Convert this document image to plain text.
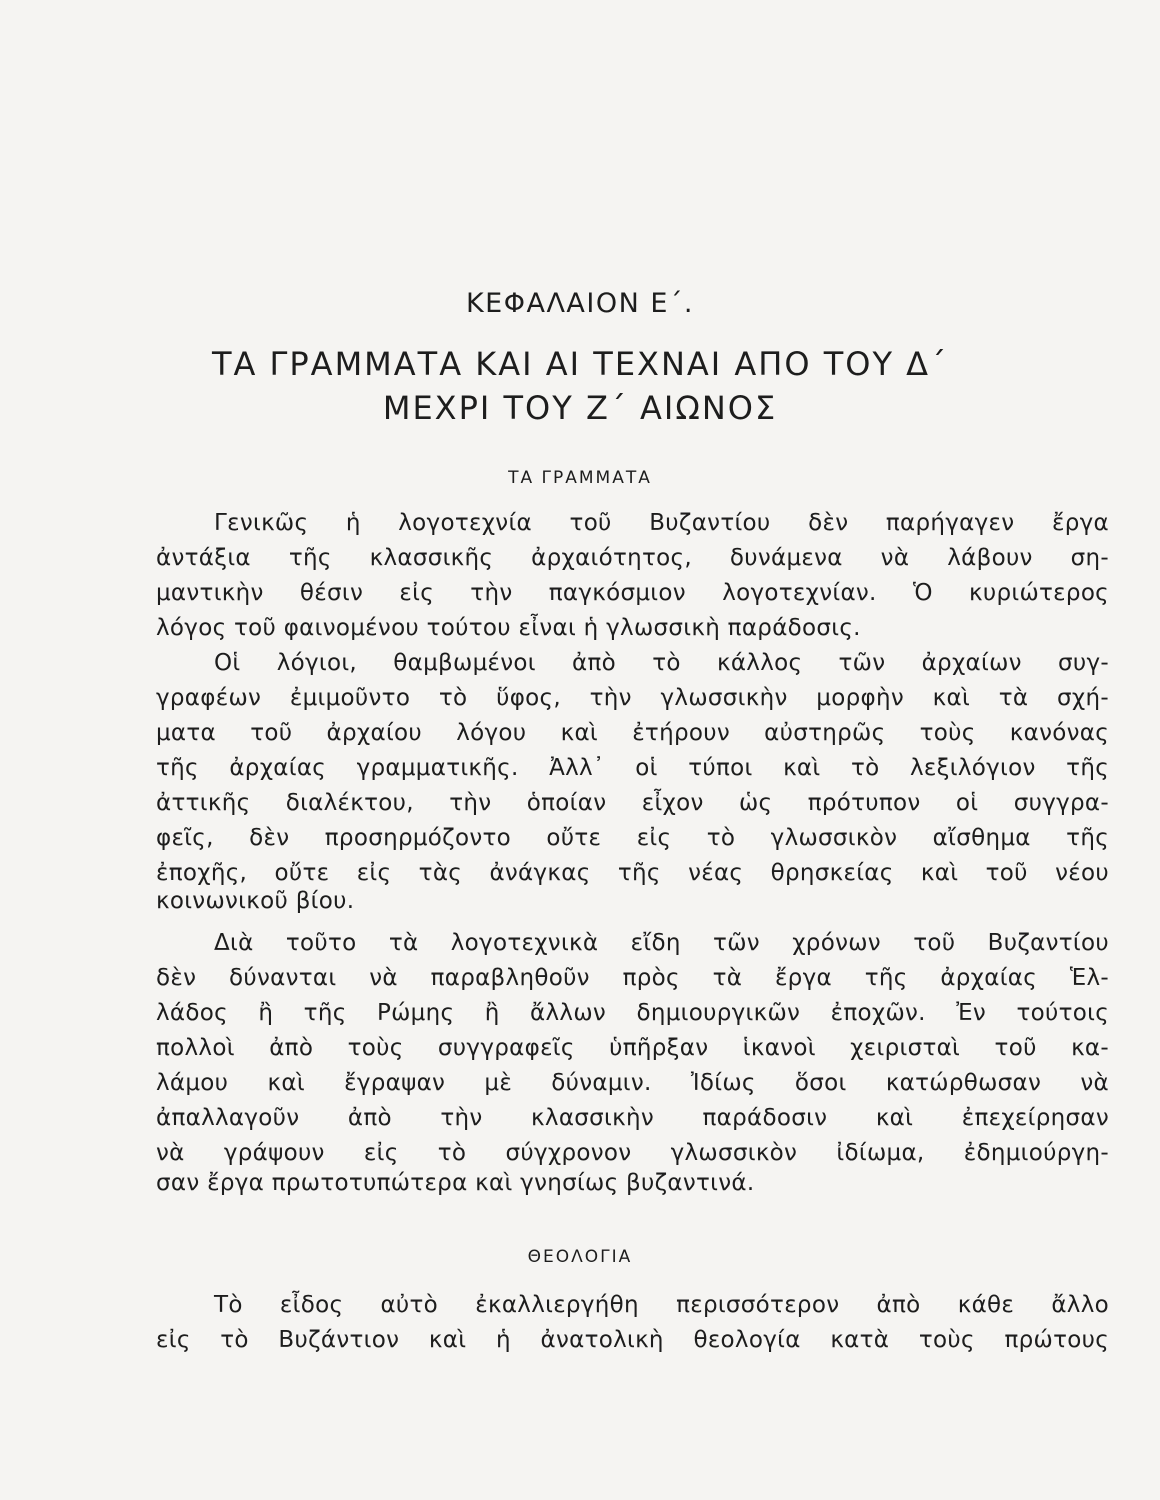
ΚΕΦΑΛΑΙΟΝ Ε΄.
ΤΑ ΓΡΑΜΜΑΤΑ ΚΑΙ ΑΙ ΤΕΧΝΑΙ ΑΠΟ ΤΟΥ Δ΄
ΜΕΧΡΙ ΤΟΥ Ζ΄ ΑΙΩΝΟΣ
ΤΑ ΓΡΑΜΜΑΤΑ

Γενικῶς ἡ λογοτεχνία τοῦ Βυζαντίου δὲν παρήγαγεν ἔργα

ἀντάξια τῆς κλασσικῆς ἀρχαιότητος, δυνάμενα νὰ λάβουν ση-

μαντικὴν θέσιν εἰς τὴν παγκόσμιον λογοτεχνίαν. Ὁ κυριώτερος

λόγος τοῦ φαινομένου τούτου εἶναι ἡ γλωσσικὴ παράδοσις.

Οἱ λόγιοι, θαμβωμένοι ἀπὸ τὸ κάλλος τῶν ἀρχαίων συγ-

γραφέων ἐμιμοῦντο τὸ ὕφος, τὴν γλωσσικὴν μορφὴν καὶ τὰ σχή-

ματα τοῦ ἀρχαίου λόγου καὶ ἐτήρουν αὐστηρῶς τοὺς κανόνας

τῆς ἀρχαίας γραμματικῆς. Ἀλλ᾽ οἱ τύποι καὶ τὸ λεξιλόγιον τῆς

ἀττικῆς διαλέκτου, τὴν ὁποίαν εἶχον ὡς πρότυπον οἱ συγγρα-

φεῖς, δὲν προσηρμόζοντο οὔτε εἰς τὸ γλωσσικὸν αἴσθημα τῆς

ἐποχῆς, οὔτε εἰς τὰς ἀνάγκας τῆς νέας θρησκείας καὶ τοῦ νέου

κοινωνικοῦ βίου.

Διὰ τοῦτο τὰ λογοτεχνικὰ εἴδη τῶν χρόνων τοῦ Βυζαντίου

δὲν δύνανται νὰ παραβληθοῦν πρὸς τὰ ἔργα τῆς ἀρχαίας Ἑλ-

λάδος ἢ τῆς Ρώμης ἢ ἄλλων δημιουργικῶν ἐποχῶν. Ἐν τούτοις

πολλοὶ ἀπὸ τοὺς συγγραφεῖς ὑπῆρξαν ἱκανοὶ χειρισταὶ τοῦ κα-

λάμου καὶ ἔγραψαν μὲ δύναμιν. Ἰδίως ὅσοι κατώρθωσαν νὰ

ἀπαλλαγοῦν ἀπὸ τὴν κλασσικὴν παράδοσιν καὶ ἐπεχείρησαν

νὰ γράψουν εἰς τὸ σύγχρονον γλωσσικὸν ἰδίωμα, ἐδημιούργη-

σαν ἔργα πρωτοτυπώτερα καὶ γνησίως βυζαντινά.

ΘΕΟΛΟΓΙΑ

Τὸ εἶδος αὐτὸ ἐκαλλιεργήθη περισσότερον ἀπὸ κάθε ἄλλο

εἰς τὸ Βυζάντιον καὶ ἡ ἀνατολικὴ θεολογία κατὰ τοὺς πρώτους
